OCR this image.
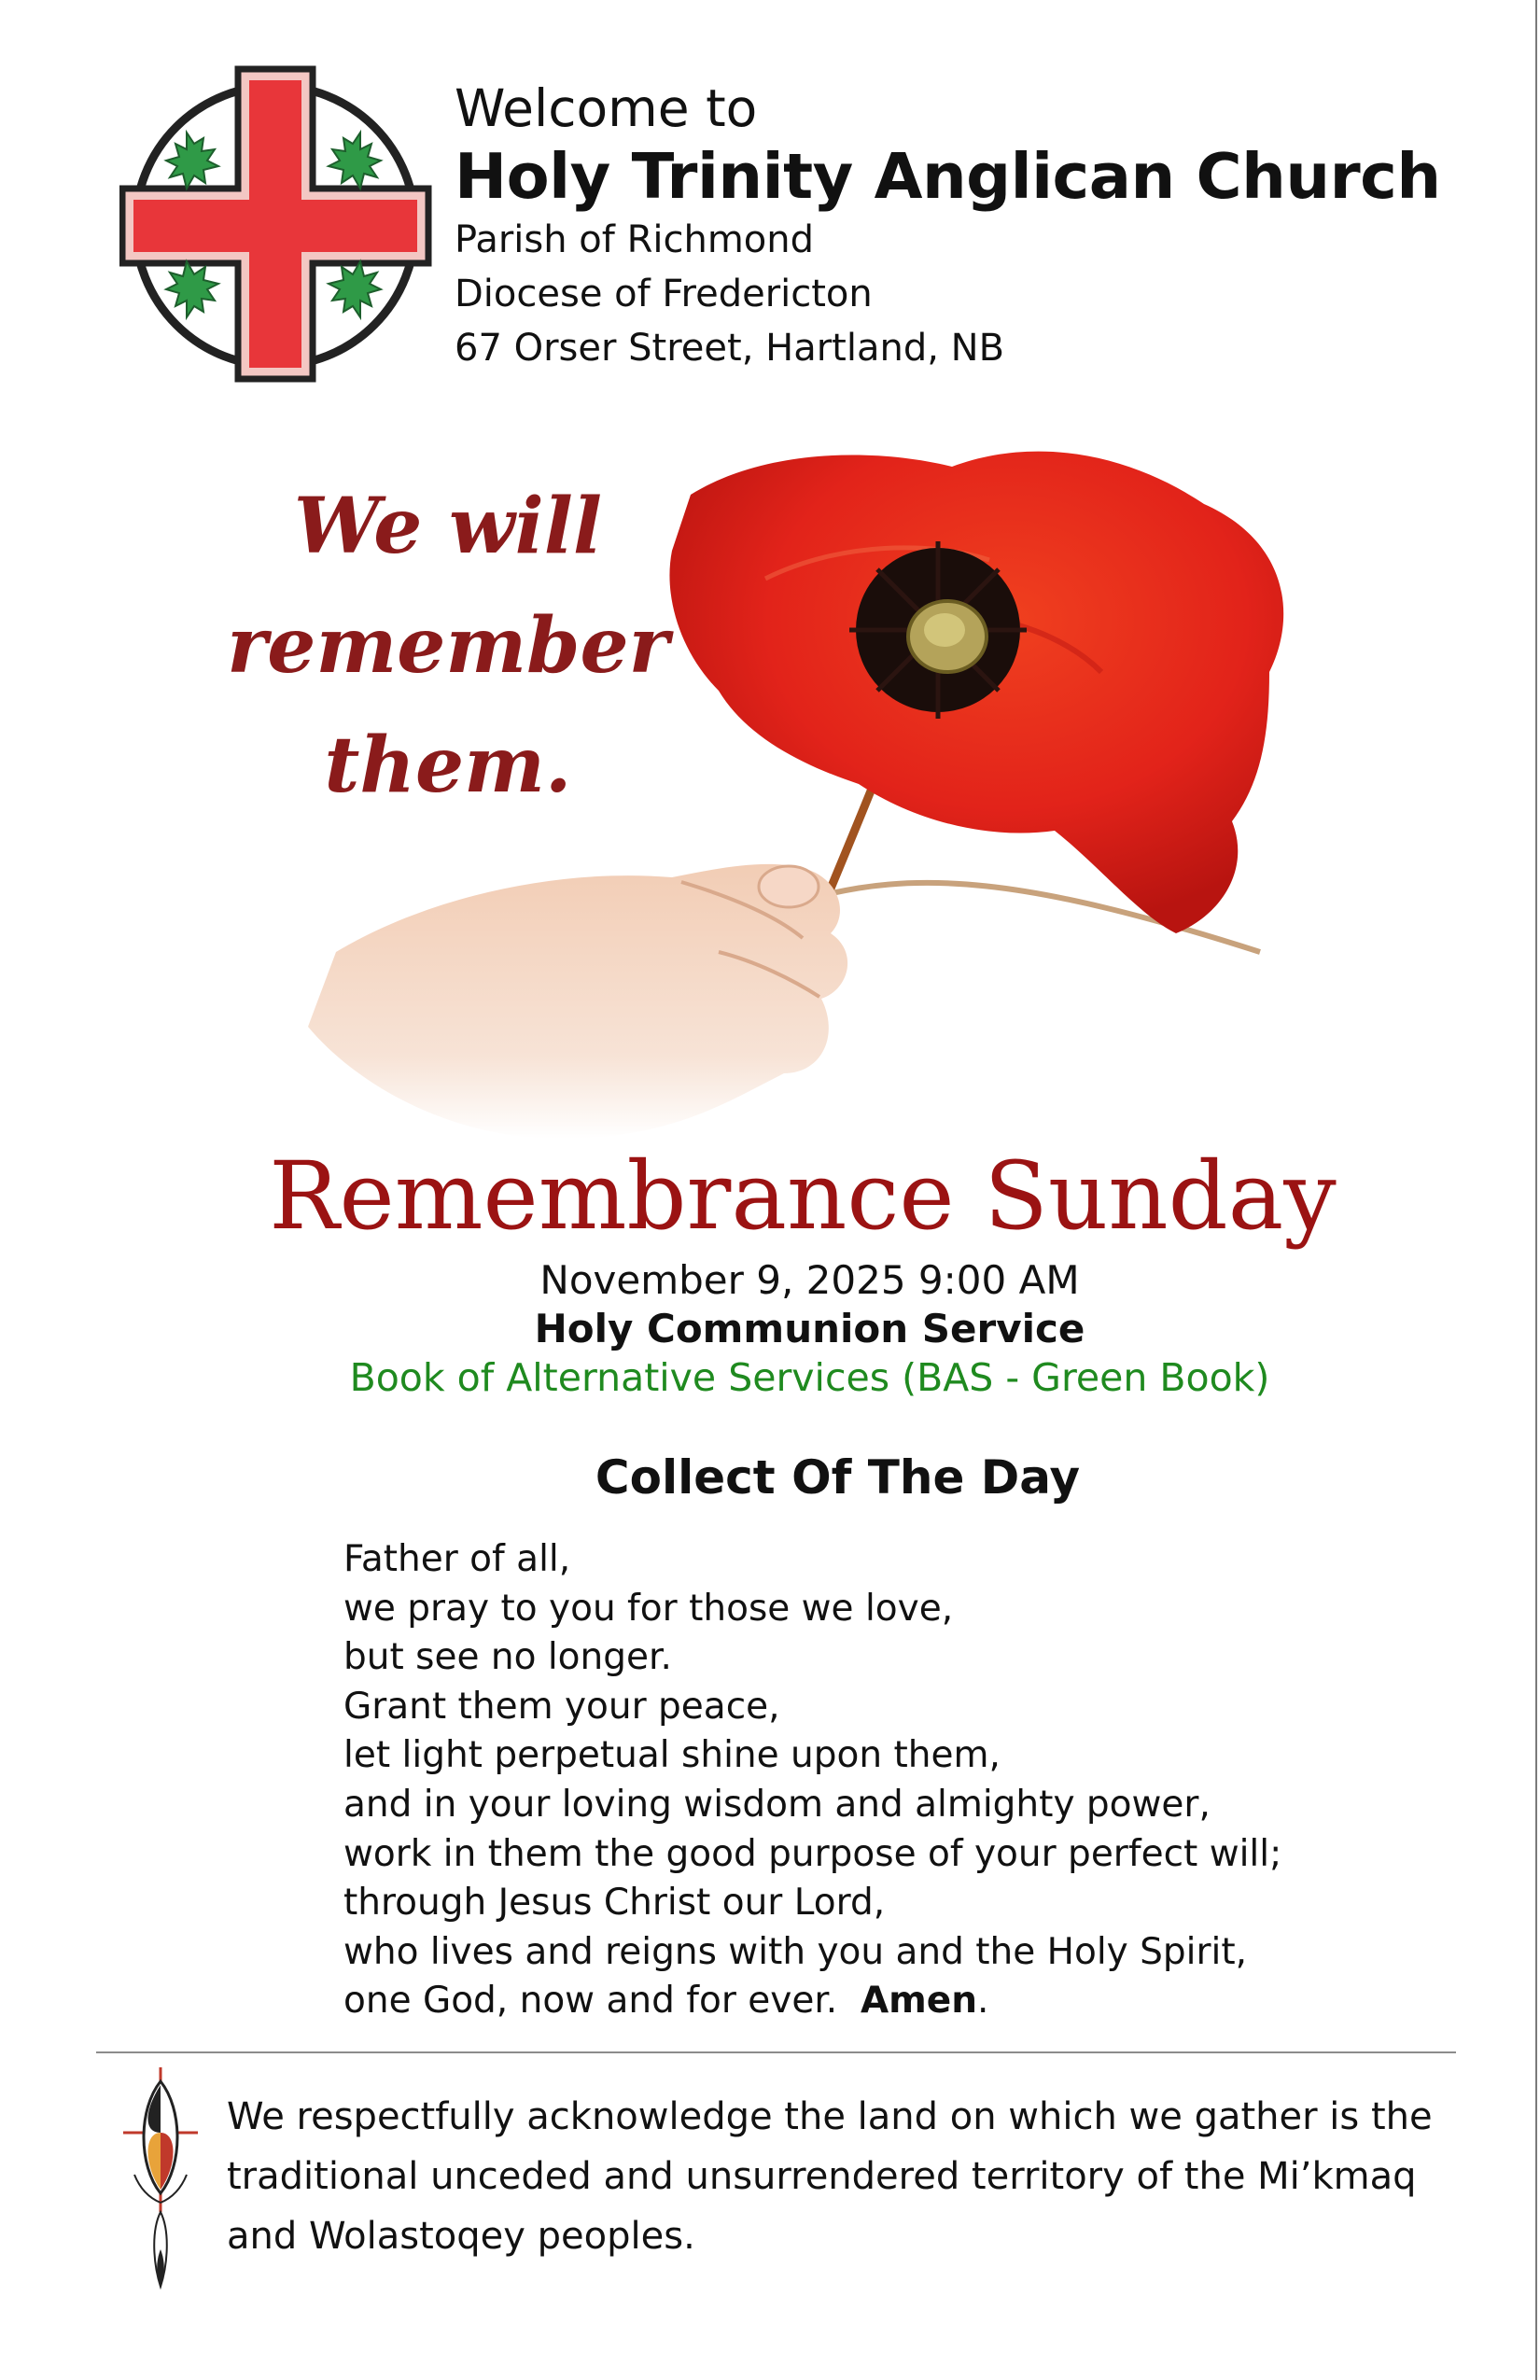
Welcome to
Holy Trinity Anglican Church
Parish of Richmond
Diocese of Fredericton
67 Orser Street, Hartland, NB
We will
remember
them.
Remembrance Sunday
November 9, 2025 9:00 AM
Holy Communion Service
Book of Alternative Services (BAS - Green Book)
Collect Of The Day
Father of all,
we pray to you for those we love,
but see no longer.
Grant them your peace,
let light perpetual shine upon them,
and in your loving wisdom and almighty power,
work in them the good purpose of your perfect will;
through Jesus Christ our Lord,
who lives and reigns with you and the Holy Spirit,
one God, now and for ever. Amen.
We respectfully acknowledge the land on which we gather is the
traditional unceded and unsurrendered territory of the Mi’kmaq
and Wolastoqey peoples.
